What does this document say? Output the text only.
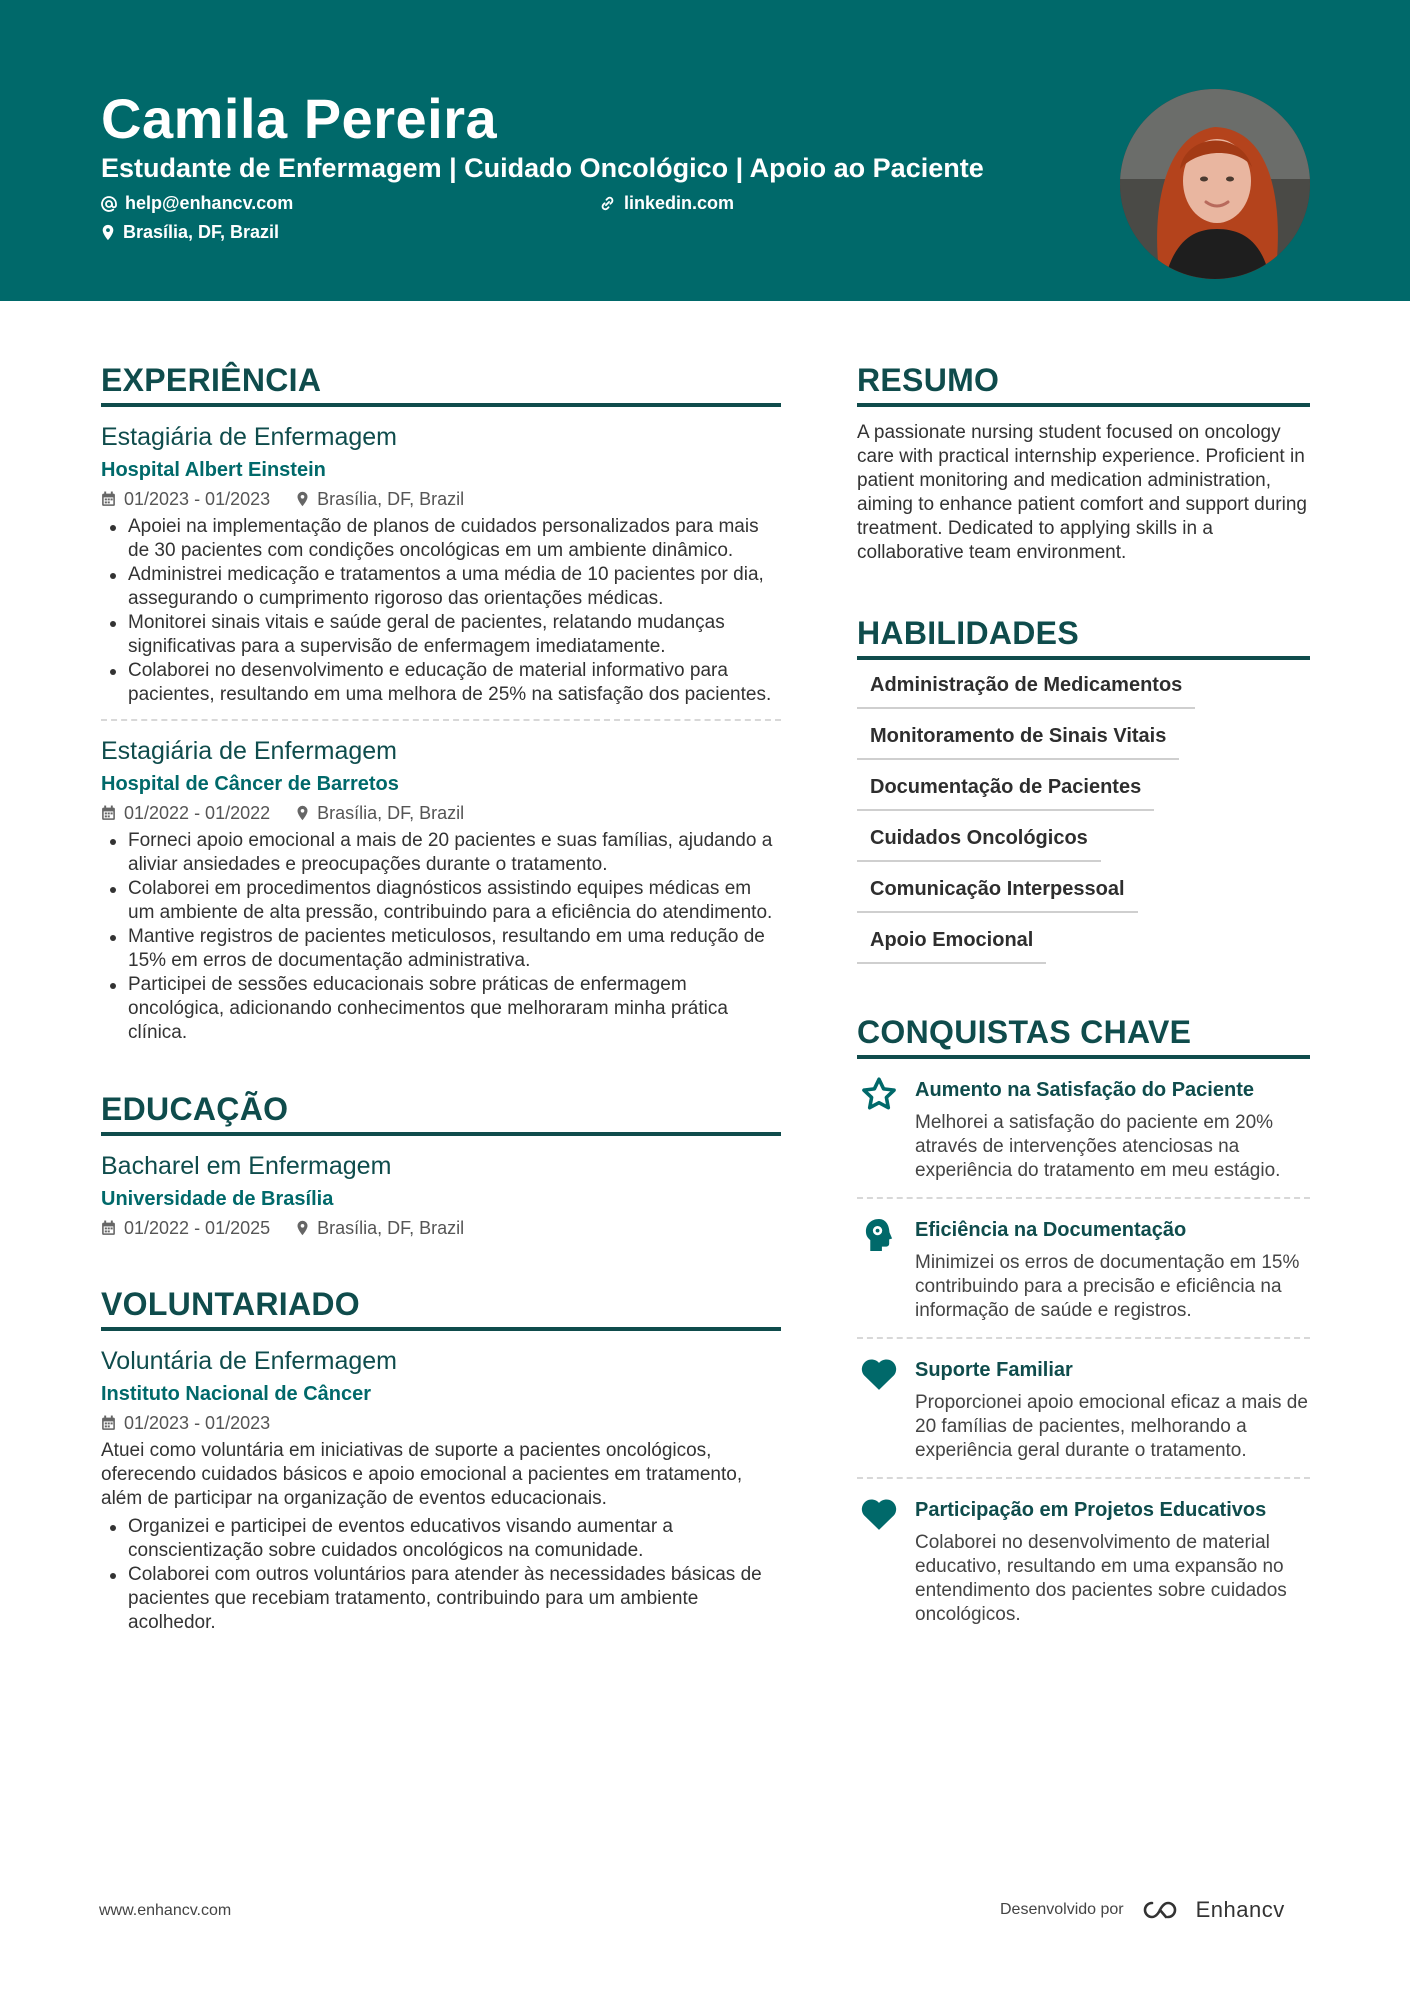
Camila Pereira
Estudante de Enfermagem | Cuidado Oncológico | Apoio ao Paciente
help@enhancv.com	linkedin.com
Brasília, DF, Brazil
EXPERIÊNCIA
Estagiária de Enfermagem
Hospital Albert Einstein
01/2023 - 01/2023	Brasília, DF, Brazil
Apoiei na implementação de planos de cuidados personalizados para mais de 30 pacientes com condições oncológicas em um ambiente dinâmico.
Administrei medicação e tratamentos a uma média de 10 pacientes por dia, assegurando o cumprimento rigoroso das orientações médicas.
Monitorei sinais vitais e saúde geral de pacientes, relatando mudanças significativas para a supervisão de enfermagem imediatamente.
Colaborei no desenvolvimento e educação de material informativo para pacientes, resultando em uma melhora de 25% na satisfação dos pacientes.
Estagiária de Enfermagem
Hospital de Câncer de Barretos
01/2022 - 01/2022	Brasília, DF, Brazil
Forneci apoio emocional a mais de 20 pacientes e suas famílias, ajudando a aliviar ansiedades e preocupações durante o tratamento.
Colaborei em procedimentos diagnósticos assistindo equipes médicas em um ambiente de alta pressão, contribuindo para a eficiência do atendimento.
Mantive registros de pacientes meticulosos, resultando em uma redução de 15% em erros de documentação administrativa.
Participei de sessões educacionais sobre práticas de enfermagem oncológica, adicionando conhecimentos que melhoraram minha prática clínica.
EDUCAÇÃO
Bacharel em Enfermagem
Universidade de Brasília
01/2022 - 01/2025	Brasília, DF, Brazil
VOLUNTARIADO
Voluntária de Enfermagem
Instituto Nacional de Câncer
01/2023 - 01/2023
Atuei como voluntária em iniciativas de suporte a pacientes oncológicos, oferecendo cuidados básicos e apoio emocional a pacientes em tratamento, além de participar na organização de eventos educacionais.
Organizei e participei de eventos educativos visando aumentar a conscientização sobre cuidados oncológicos na comunidade.
Colaborei com outros voluntários para atender às necessidades básicas de pacientes que recebiam tratamento, contribuindo para um ambiente acolhedor.
RESUMO
A passionate nursing student focused on oncology care with practical internship experience. Proficient in patient monitoring and medication administration, aiming to enhance patient comfort and support during treatment. Dedicated to applying skills in a collaborative team environment.
HABILIDADES
Administração de Medicamentos
Monitoramento de Sinais Vitais
Documentação de Pacientes
Cuidados Oncológicos
Comunicação Interpessoal
Apoio Emocional
CONQUISTAS CHAVE
Aumento na Satisfação do Paciente
Melhorei a satisfação do paciente em 20% através de intervenções atenciosas na experiência do tratamento em meu estágio.
Eficiência na Documentação
Minimizei os erros de documentação em 15% contribuindo para a precisão e eficiência na informação de saúde e registros.
Suporte Familiar
Proporcionei apoio emocional eficaz a mais de 20 famílias de pacientes, melhorando a experiência geral durante o tratamento.
Participação em Projetos Educativos
Colaborei no desenvolvimento de material educativo, resultando em uma expansão no entendimento dos pacientes sobre cuidados oncológicos.
www.enhancv.com	Desenvolvido por	Enhancv
